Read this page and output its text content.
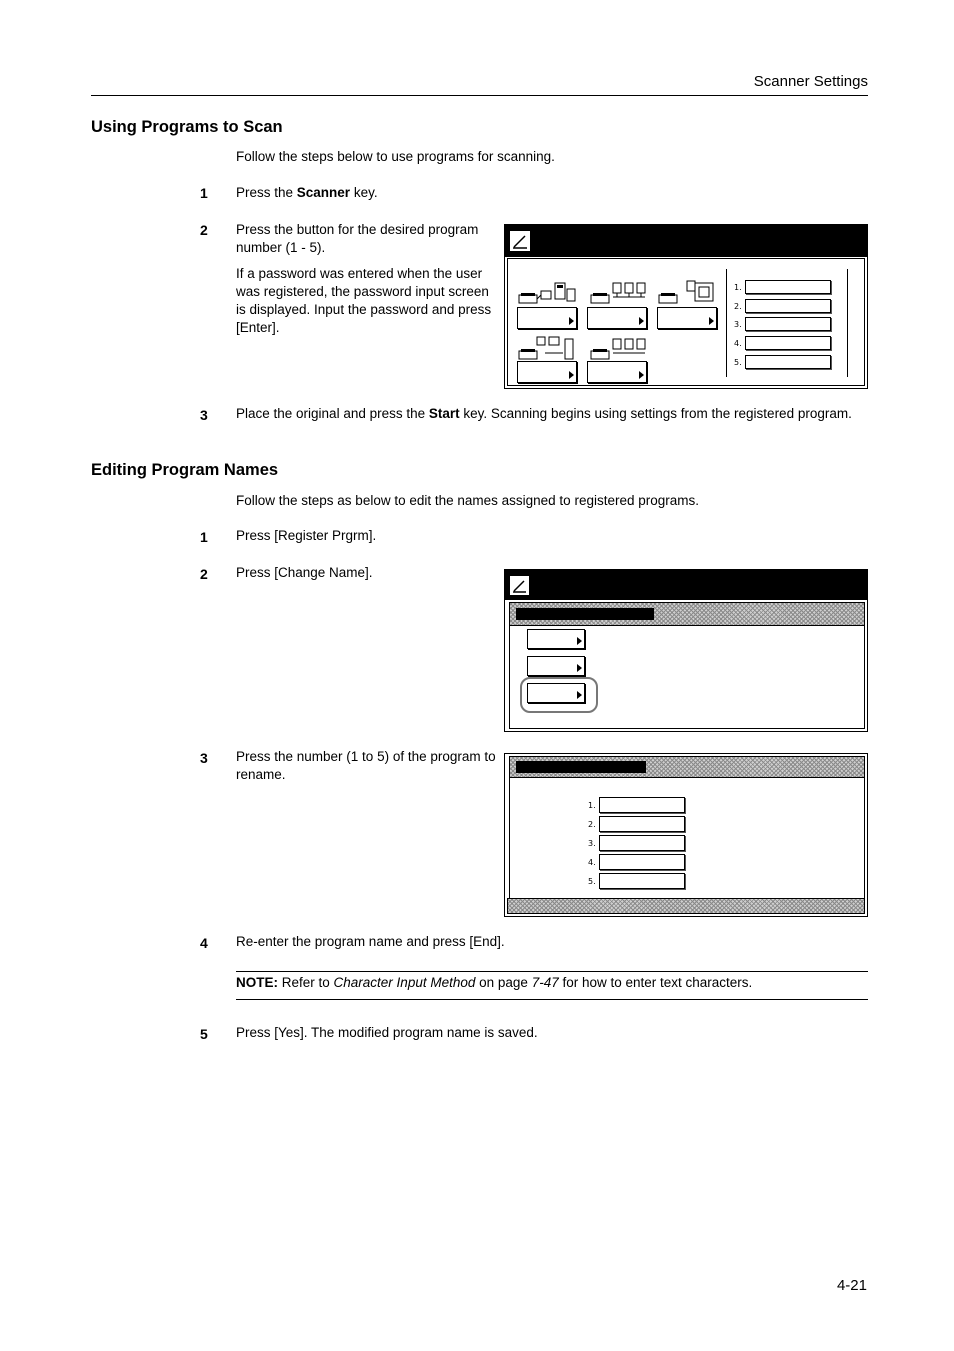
Scanner Settings
Using Programs to Scan
Follow the steps below to use programs for scanning.
1 Press the Scanner key.
2 Press the button for the desired program number (1 - 5).
If a password was entered when the user was registered, the password input screen is displayed. Input the password and press [Enter].
1.
2.
3.
4.
5.
3 Place the original and press the Start key. Scanning begins using settings from the registered program.
Editing Program Names
Follow the steps as below to edit the names assigned to registered programs.
1 Press [Register Prgrm].
2 Press [Change Name].
3 Press the number (1 to 5) of the program to rename.
1.
2.
3.
4.
5.
4 Re-enter the program name and press [End].
NOTE: Refer to Character Input Method on page 7-47 for how to enter text characters.
5 Press [Yes]. The modified program name is saved.
4-21
